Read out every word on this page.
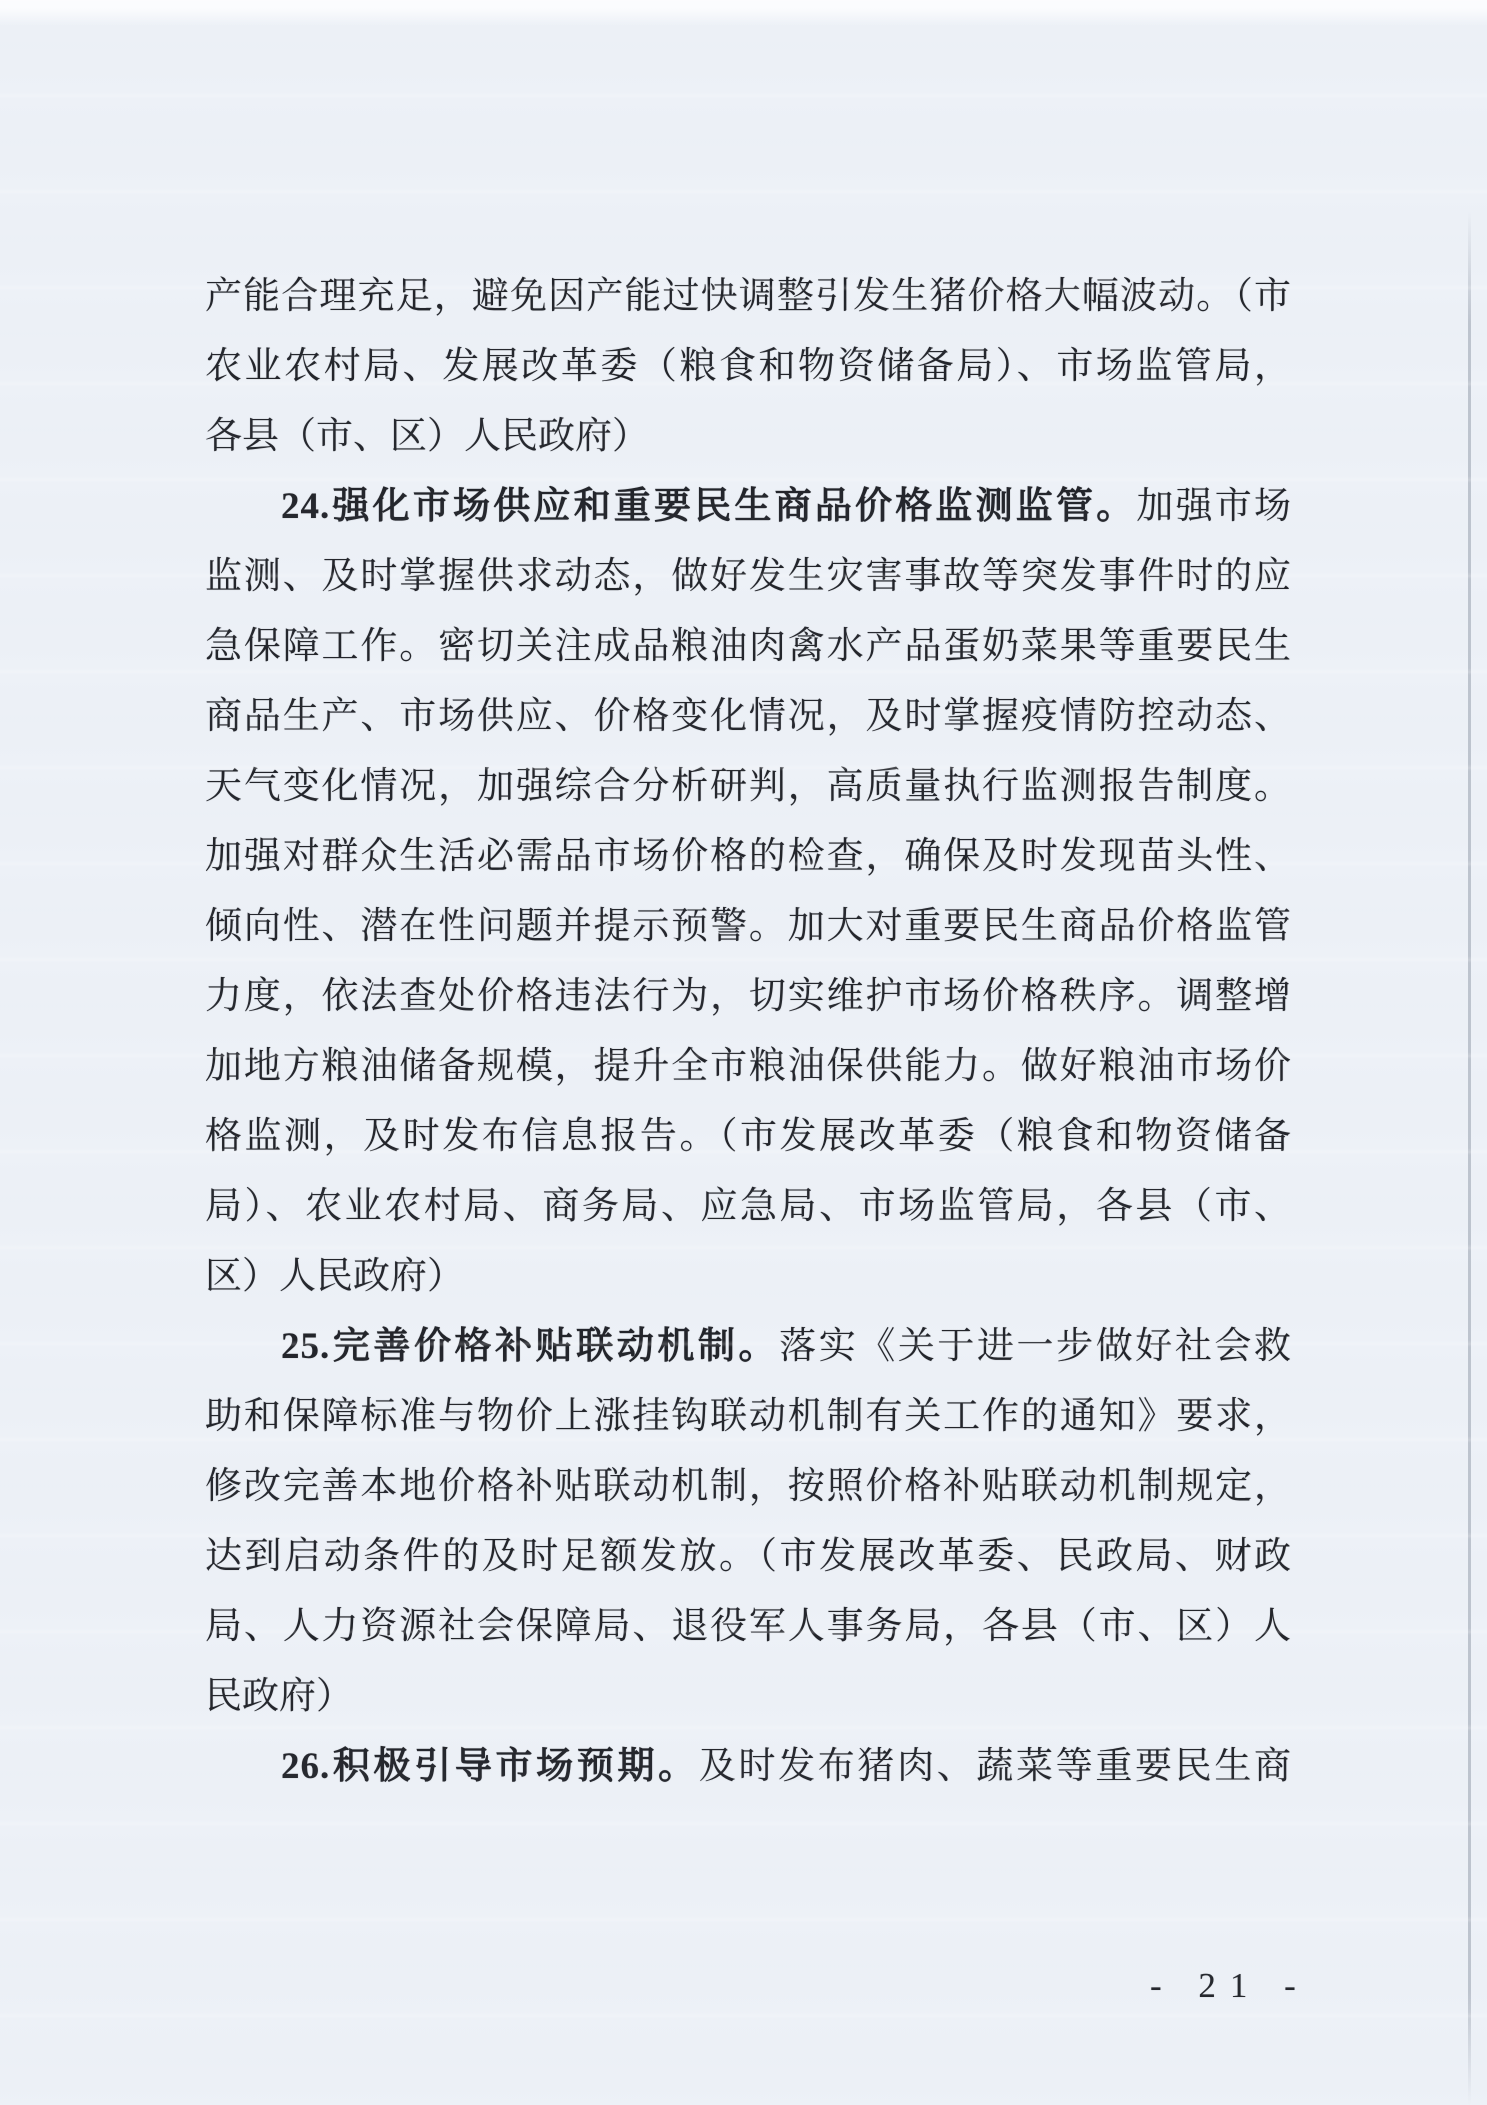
产能合理充足，避免因产能过快调整引发生猪价格大幅波动。（市
农业农村局、发展改革委（粮食和物资储备局）、市场监管局，
各县（市、区）人民政府）
24.强化市场供应和重要民生商品价格监测监管。加强市场
监测、及时掌握供求动态，做好发生灾害事故等突发事件时的应
急保障工作。密切关注成品粮油肉禽水产品蛋奶菜果等重要民生
商品生产、市场供应、价格变化情况，及时掌握疫情防控动态、
天气变化情况，加强综合分析研判，高质量执行监测报告制度。
加强对群众生活必需品市场价格的检查，确保及时发现苗头性、
倾向性、潜在性问题并提示预警。加大对重要民生商品价格监管
力度，依法查处价格违法行为，切实维护市场价格秩序。调整增
加地方粮油储备规模，提升全市粮油保供能力。做好粮油市场价
格监测，及时发布信息报告。（市发展改革委（粮食和物资储备
局）、农业农村局、商务局、应急局、市场监管局，各县（市、
区）人民政府）
25.完善价格补贴联动机制。落实《关于进一步做好社会救
助和保障标准与物价上涨挂钩联动机制有关工作的通知》要求，
修改完善本地价格补贴联动机制，按照价格补贴联动机制规定，
达到启动条件的及时足额发放。（市发展改革委、民政局、财政
局、人力资源社会保障局、退役军人事务局，各县（市、区）人
民政府）
26.积极引导市场预期。及时发布猪肉、蔬菜等重要民生商
- 21 -
